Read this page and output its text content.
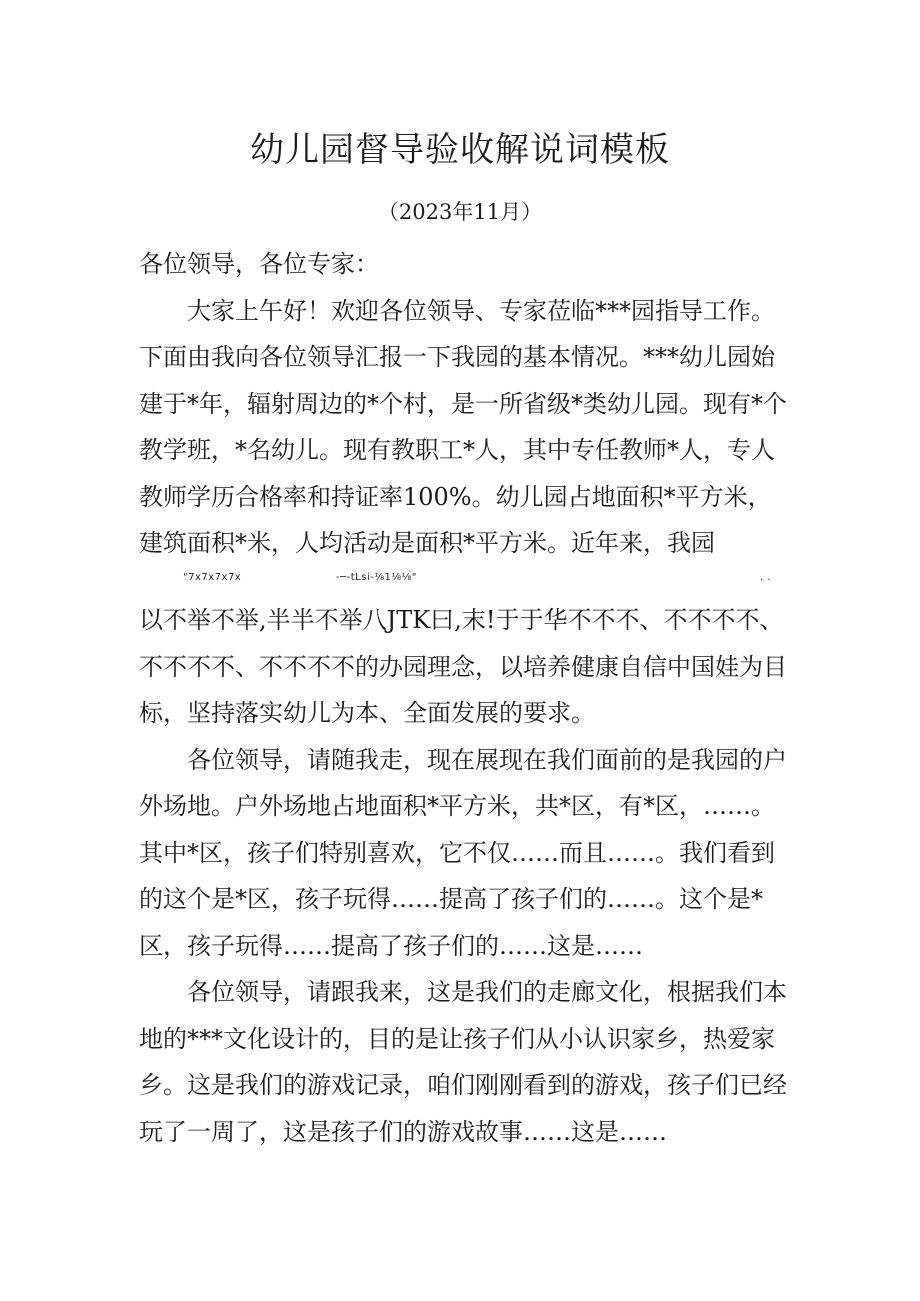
幼儿园督导验收解说词模板
（2023年11月）

各位领导，各位专家：

大家上午好！欢迎各位领导、专家莅临***园指导工作。下面由我向各位领导汇报一下我园的基本情况。***幼儿园始建于*年，辐射周边的*个村，是一所省级*类幼儿园。现有*个教学班，*名幼儿。现有教职工*人，其中专任教师*人，专人教师学历合格率和持证率100%。幼儿园占地面积*平方米，建筑面积*米，人均活动是面积*平方米。近年来，我园

"7x7x7x7x	-─-tLsi-⅛1⅛⅛"	. .

以不举不举,半半不举八JTK曰,末!于于华不不不、不不不不、不不不不、不不不不的办园理念，以培养健康自信中国娃为目标，坚持落实幼儿为本、全面发展的要求。

各位领导，请随我走，现在展现在我们面前的是我园的户外场地。户外场地占地面积*平方米，共*区，有*区，……。其中*区，孩子们特别喜欢，它不仅……而且……。我们看到的这个是*区，孩子玩得……提高了孩子们的……。这个是*区，孩子玩得……提高了孩子们的……这是……

各位领导，请跟我来，这是我们的走廊文化，根据我们本地的***文化设计的，目的是让孩子们从小认识家乡，热爱家乡。这是我们的游戏记录，咱们刚刚看到的游戏，孩子们已经玩了一周了，这是孩子们的游戏故事……这是……
